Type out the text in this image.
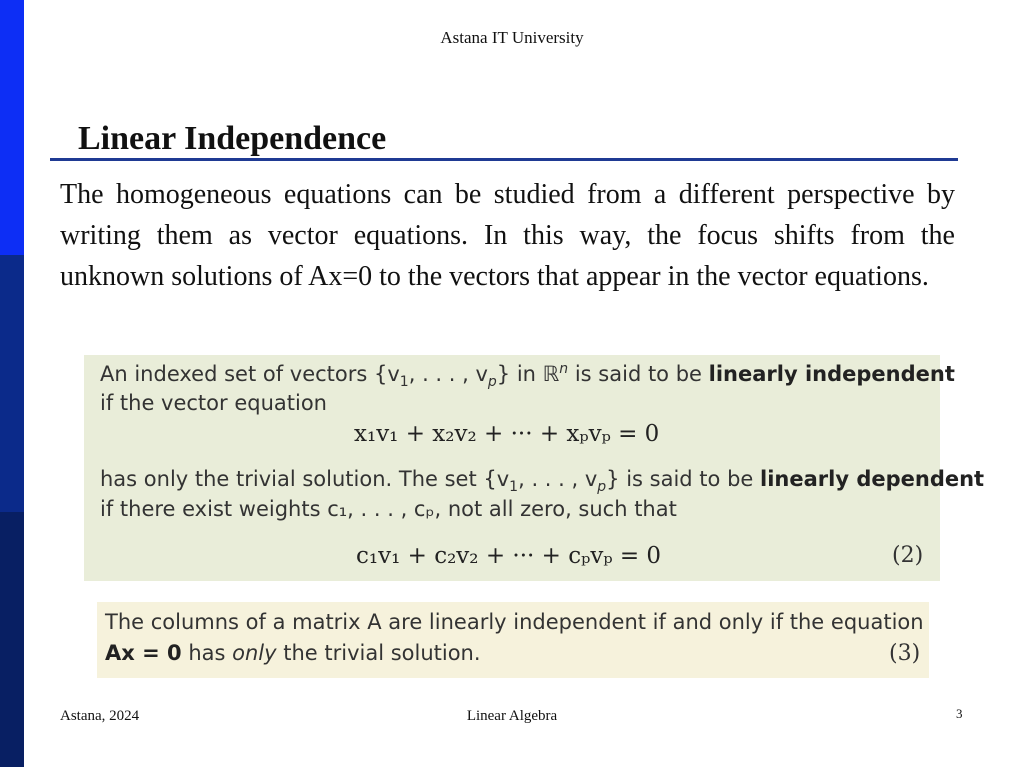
Astana IT University
Linear Independence
The homogeneous equations can be studied from a different perspective by writing them as vector equations. In this way, the focus shifts from the unknown solutions of Ax=0 to the vectors that appear in the vector equations.
An indexed set of vectors {$v_1$, . . . , $v_p$} in ℝ$^n$ is said to be linearly independent
if the vector equation
x₁v₁ + x₂v₂ + ··· + xₚvₚ = 0
has only the trivial solution. The set {$v_1$, . . . , $v_p$} is said to be linearly dependent
if there exist weights c₁, . . . , cₚ, not all zero, such that
c₁v₁ + c₂v₂ + ··· + cₚvₚ = 0	(2)
The columns of a matrix A are linearly independent if and only if the equation
Ax = 0 has only the trivial solution.	(3)
Astana, 2024	Linear Algebra	3
